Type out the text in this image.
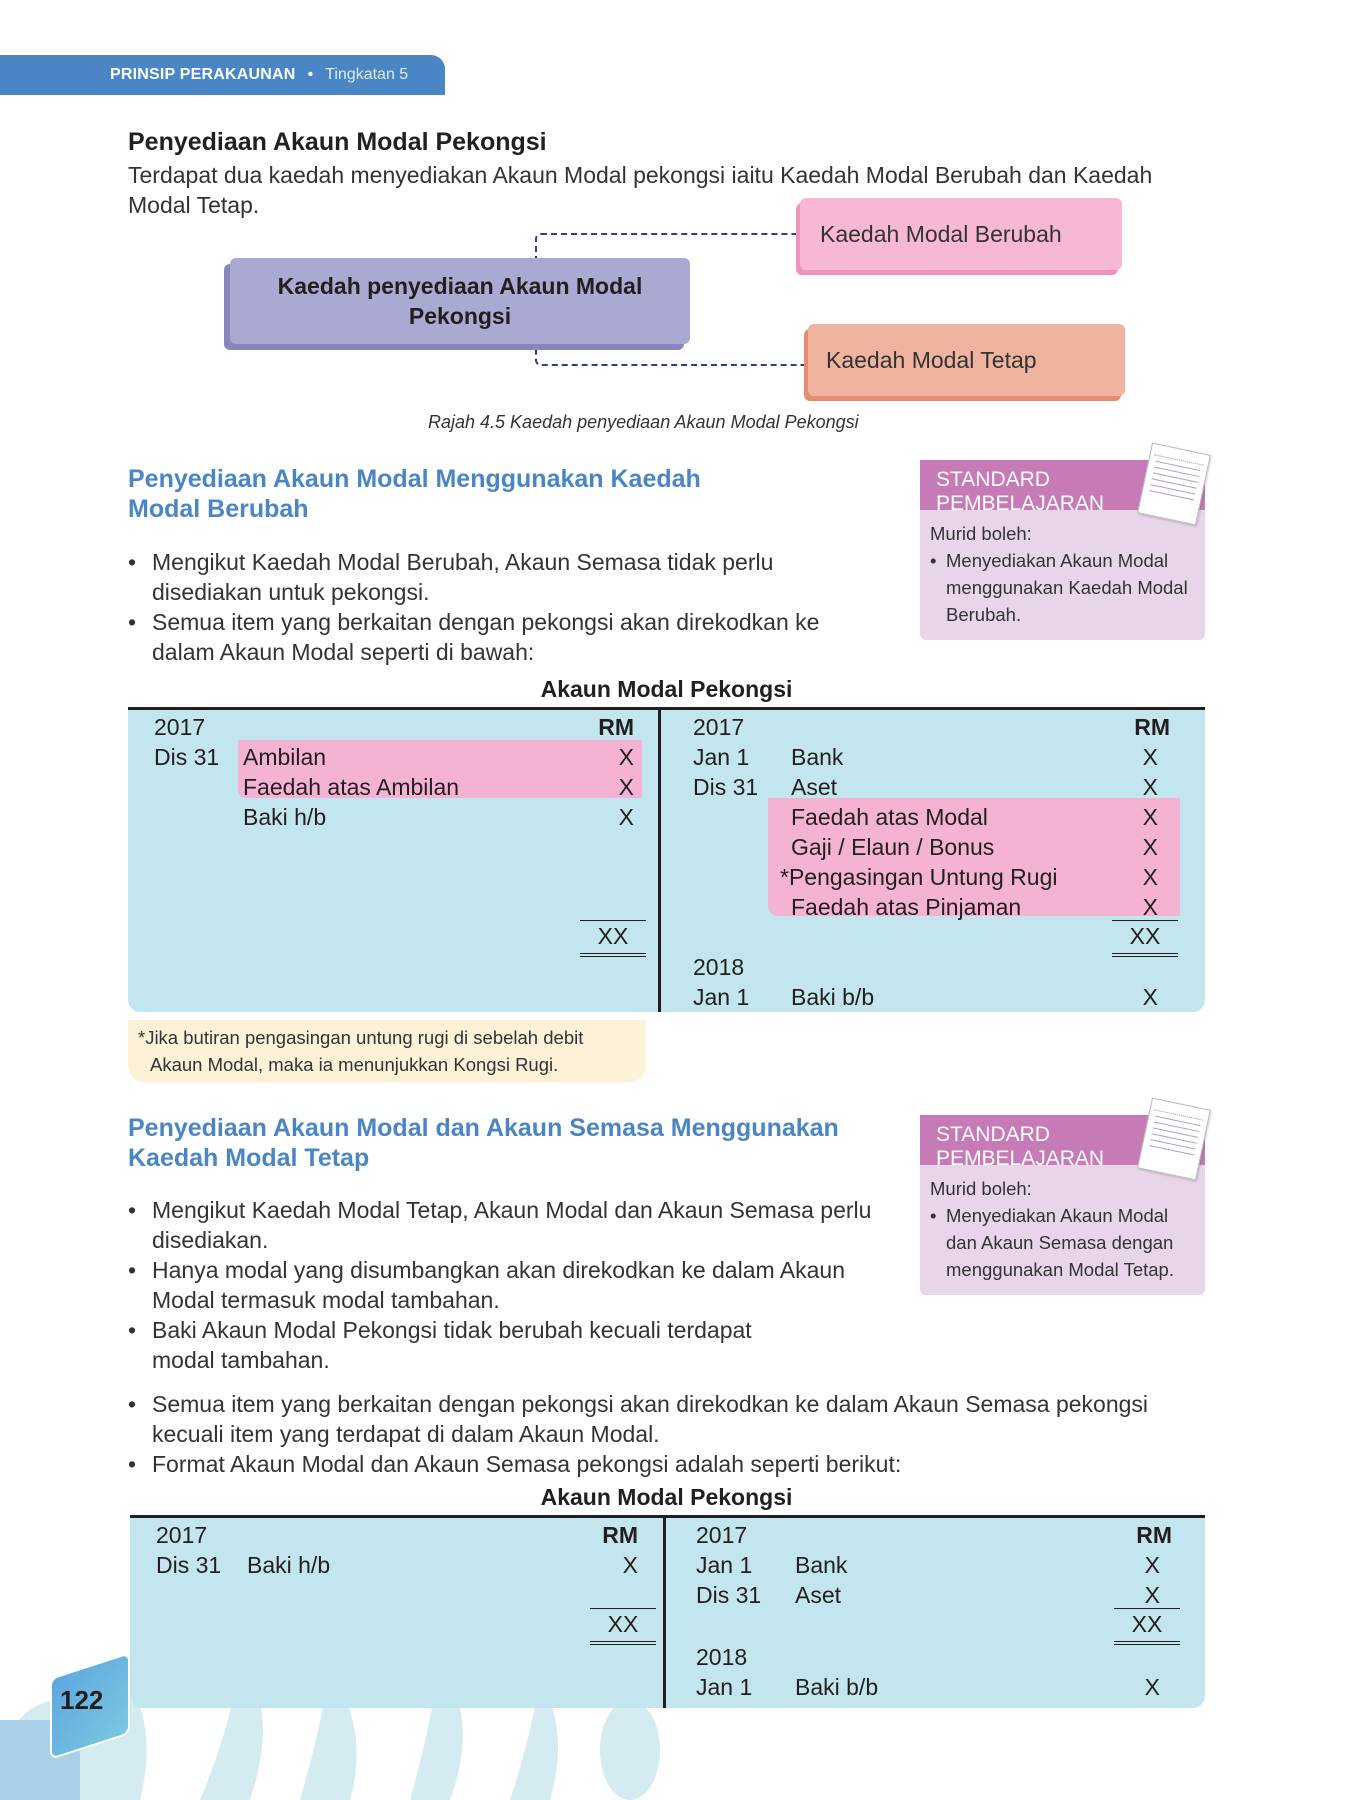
PRINSIP PERAKAUNAN • Tingkatan 5
Penyediaan Akaun Modal Pekongsi
Terdapat dua kaedah menyediakan Akaun Modal pekongsi iaitu Kaedah Modal Berubah dan Kaedah Modal Tetap.
Kaedah penyediaan Akaun Modal Pekongsi
Kaedah Modal Berubah
Kaedah Modal Tetap
Rajah 4.5 Kaedah penyediaan Akaun Modal Pekongsi
Penyediaan Akaun Modal Menggunakan Kaedah Modal Berubah
• Mengikut Kaedah Modal Berubah, Akaun Semasa tidak perlu disediakan untuk pekongsi.
• Semua item yang berkaitan dengan pekongsi akan direkodkan ke dalam Akaun Modal seperti di bawah:
STANDARD
PEMBELAJARAN
Murid boleh:
• Menyediakan Akaun Modal menggunakan Kaedah Modal Berubah.
Akaun Modal Pekongsi
2017	RM
Dis 31 Ambilan	X
Faedah atas Ambilan	X
Baki h/b	X
XX
2017	RM
Jan 1 Bank	X
Dis 31 Aset	X
Faedah atas Modal	X
Gaji / Elaun / Bonus	X
*Pengasingan Untung Rugi	X
Faedah atas Pinjaman	X
XX
2018
Jan 1 Baki b/b	X
*Jika butiran pengasingan untung rugi di sebelah debit
Akaun Modal, maka ia menunjukkan Kongsi Rugi.
Penyediaan Akaun Modal dan Akaun Semasa Menggunakan Kaedah Modal Tetap
• Mengikut Kaedah Modal Tetap, Akaun Modal dan Akaun Semasa perlu disediakan.
• Hanya modal yang disumbangkan akan direkodkan ke dalam Akaun Modal termasuk modal tambahan.
• Baki Akaun Modal Pekongsi tidak berubah kecuali terdapat modal tambahan.
• Semua item yang berkaitan dengan pekongsi akan direkodkan ke dalam Akaun Semasa pekongsi kecuali item yang terdapat di dalam Akaun Modal.
• Format Akaun Modal dan Akaun Semasa pekongsi adalah seperti berikut:
STANDARD
PEMBELAJARAN
Murid boleh:
• Menyediakan Akaun Modal dan Akaun Semasa dengan menggunakan Modal Tetap.
Akaun Modal Pekongsi
2017	RM
Dis 31 Baki h/b	X
XX
2017	RM
Jan 1 Bank	X
Dis 31 Aset	X
XX
2018
Jan 1 Baki b/b	X
122
